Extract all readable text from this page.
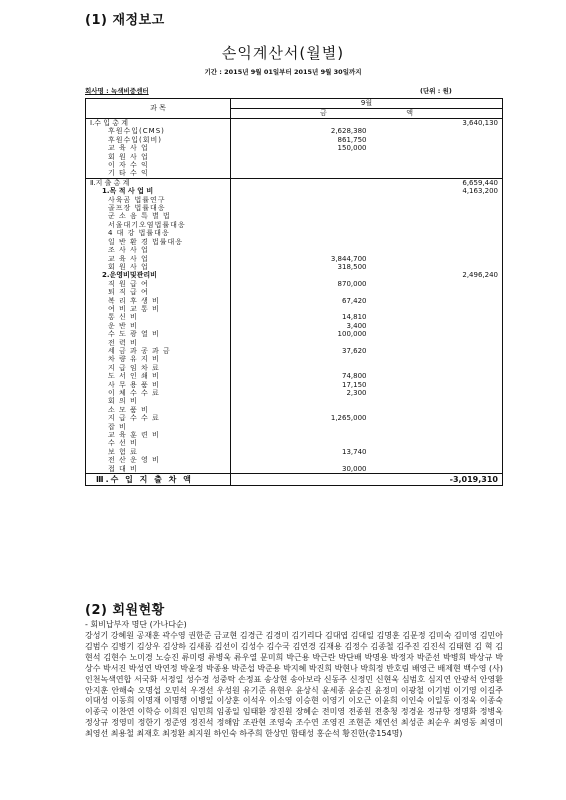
(1) 재정보고
손익계산서(월별)
기간 : 2015년 9월 01일부터 2015년 9월 30일까지
회사명 : 녹색비중센터	(단위 : 원)
과 목	9월	
	금 액	
Ⅰ.수 입 총 계		3,640,130
후원수입(CMS)	2,628,380	
후원수입(회비)	861,750	
교 육 사 업	150,000	
회 원 사 업		
이 자 수 익		
기 타 수 익		
Ⅱ.지 출 총 계		6,659,440
1.목 적 사 업 비		4,163,200
사육곰 법률연구		
골프장 법률대응		
군 소 음 특 별 법		
서울대기오염법률대응		
4 대 강 법률대응		
일 반 환 경 법률대응		
조 사 사 업		
교 육 사 업	3,844,700	
회 원 사 업	318,500	
2.운영비및관리비		2,496,240
직 원 급 여	870,000	
퇴 직 급 여		
복 리 후 생 비	67,420	
여 비 교 통 비		
통 신 비	14,810	
운 반 비	3,400	
수 도 광 열 비	100,000	
전 력 비		
세 금 과 공 과 금	37,620	
차 량 유 지 비		
지 급 임 차 료		
도 서 인 쇄 비	74,800	
사 무 용 품 비	17,150	
이 체 수 수 료	2,300	
회 의 비		
소 모 품 비		
지 급 수 수 료	1,265,000	
잡 비		
교 육 훈 련 비		
수 선 비		
보 험 료	13,740	
전 산 운 영 비		
접 대 비	30,000	
Ⅲ.수 입 지 출 차 액		-3,019,310
(2) 회원현황
- 회비납부자 명단 (가나다순)
강성기 강혜원 공재훈 곽수영 권한준 금교현 김경근 김경미 김기리다 김대엽 김대일 김명훈 김문정 김미숙 김미영 김민아 김범수 김병기 김상우 김상하 김새롬 김선이 김성수 김수국 김연경 김재용 김정수 김종철 김주진 김진석 김태현 김 혁 김현석 김현수 노미경 노승진 류미령 류병욱 류우열 문미희 박근용 박근란 박단배 박명용 박정자 박준선 박병희 박상규 박상수 박서진 박성연 박연정 박윤정 박종용 박준섭 박준용 박지혜 박진희 박현나 박희정 반호림 배영근 배제현 백수영 (사)인천녹색연합 서국화 서정일 성수경 성중탁 손정표 송상현 송아보라 신동주 신정민 신현욱 심범호 심지연 안광석 안영환 안지훈 안해숙 오명섭 오민석 우경선 우성원 유기준 유현우 윤상식 윤세종 윤순진 윤정미 이광철 이기범 이기영 이길주 이대성 이동희 이명재 이명행 이병일 이상훈 이석우 이소영 이승현 이영기 이오근 이윤희 이인숙 이일동 이정욱 이종숙 이종국 이찬연 이학승 이희진 임민희 임종일 임태환 장진원 장혜순 전미영 전종원 전충청 정경윤 정규항 정명화 정병욱 정상규 정영미 정한기 정준영 정진석 정해암 조관현 조영숙 조수연 조영진 조현준 채연선 최성준 최순우 최영동 최영미 최영선 최용철 최재호 최정환 최지원 하인숙 하주희 한상민 함태성 홍순석 황진한(총154명)
